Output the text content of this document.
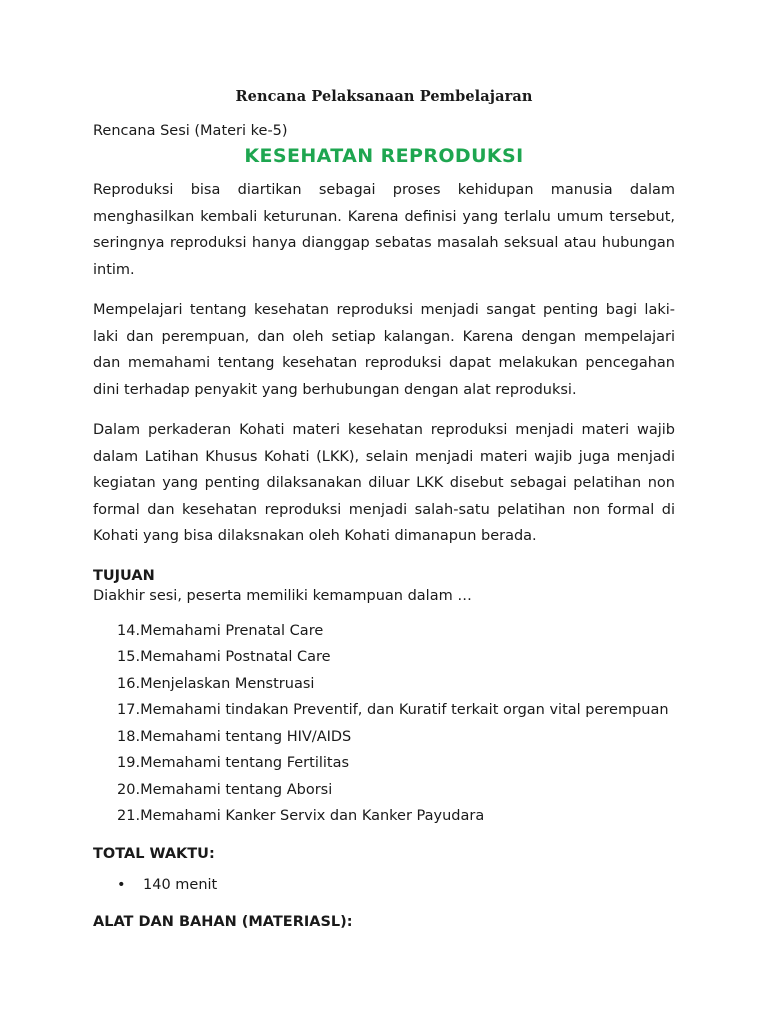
Rencana Pelaksanaan Pembelajaran

Rencana Sesi (Materi ke-5)

KESEHATAN REPRODUKSI

Reproduksi bisa diartikan sebagai proses kehidupan manusia dalam menghasilkan kembali keturunan. Karena definisi yang terlalu umum tersebut, seringnya reproduksi hanya dianggap sebatas masalah seksual atau hubungan intim.

Mempelajari tentang kesehatan reproduksi menjadi sangat penting bagi laki-laki dan perempuan, dan oleh setiap kalangan. Karena dengan mempelajari dan memahami tentang kesehatan reproduksi dapat melakukan pencegahan dini terhadap penyakit yang berhubungan dengan alat reproduksi.

Dalam perkaderan Kohati materi kesehatan reproduksi menjadi materi wajib dalam Latihan Khusus Kohati (LKK), selain menjadi materi wajib juga menjadi kegiatan yang penting dilaksanakan diluar LKK disebut sebagai pelatihan non formal dan kesehatan reproduksi menjadi salah-satu pelatihan non formal di Kohati yang bisa dilaksnakan oleh Kohati dimanapun berada.

TUJUAN

Diakhir sesi, peserta memiliki kemampuan dalam …

14. Memahami Prenatal Care
15. Memahami Postnatal Care
16. Menjelaskan Menstruasi
17. Memahami tindakan Preventif, dan Kuratif terkait organ vital perempuan
18. Memahami tentang HIV/AIDS
19. Memahami tentang Fertilitas
20. Memahami tentang Aborsi
21. Memahami Kanker Servix dan Kanker Payudara

TOTAL WAKTU:

•	140 menit

ALAT DAN BAHAN (MATERIASL):
